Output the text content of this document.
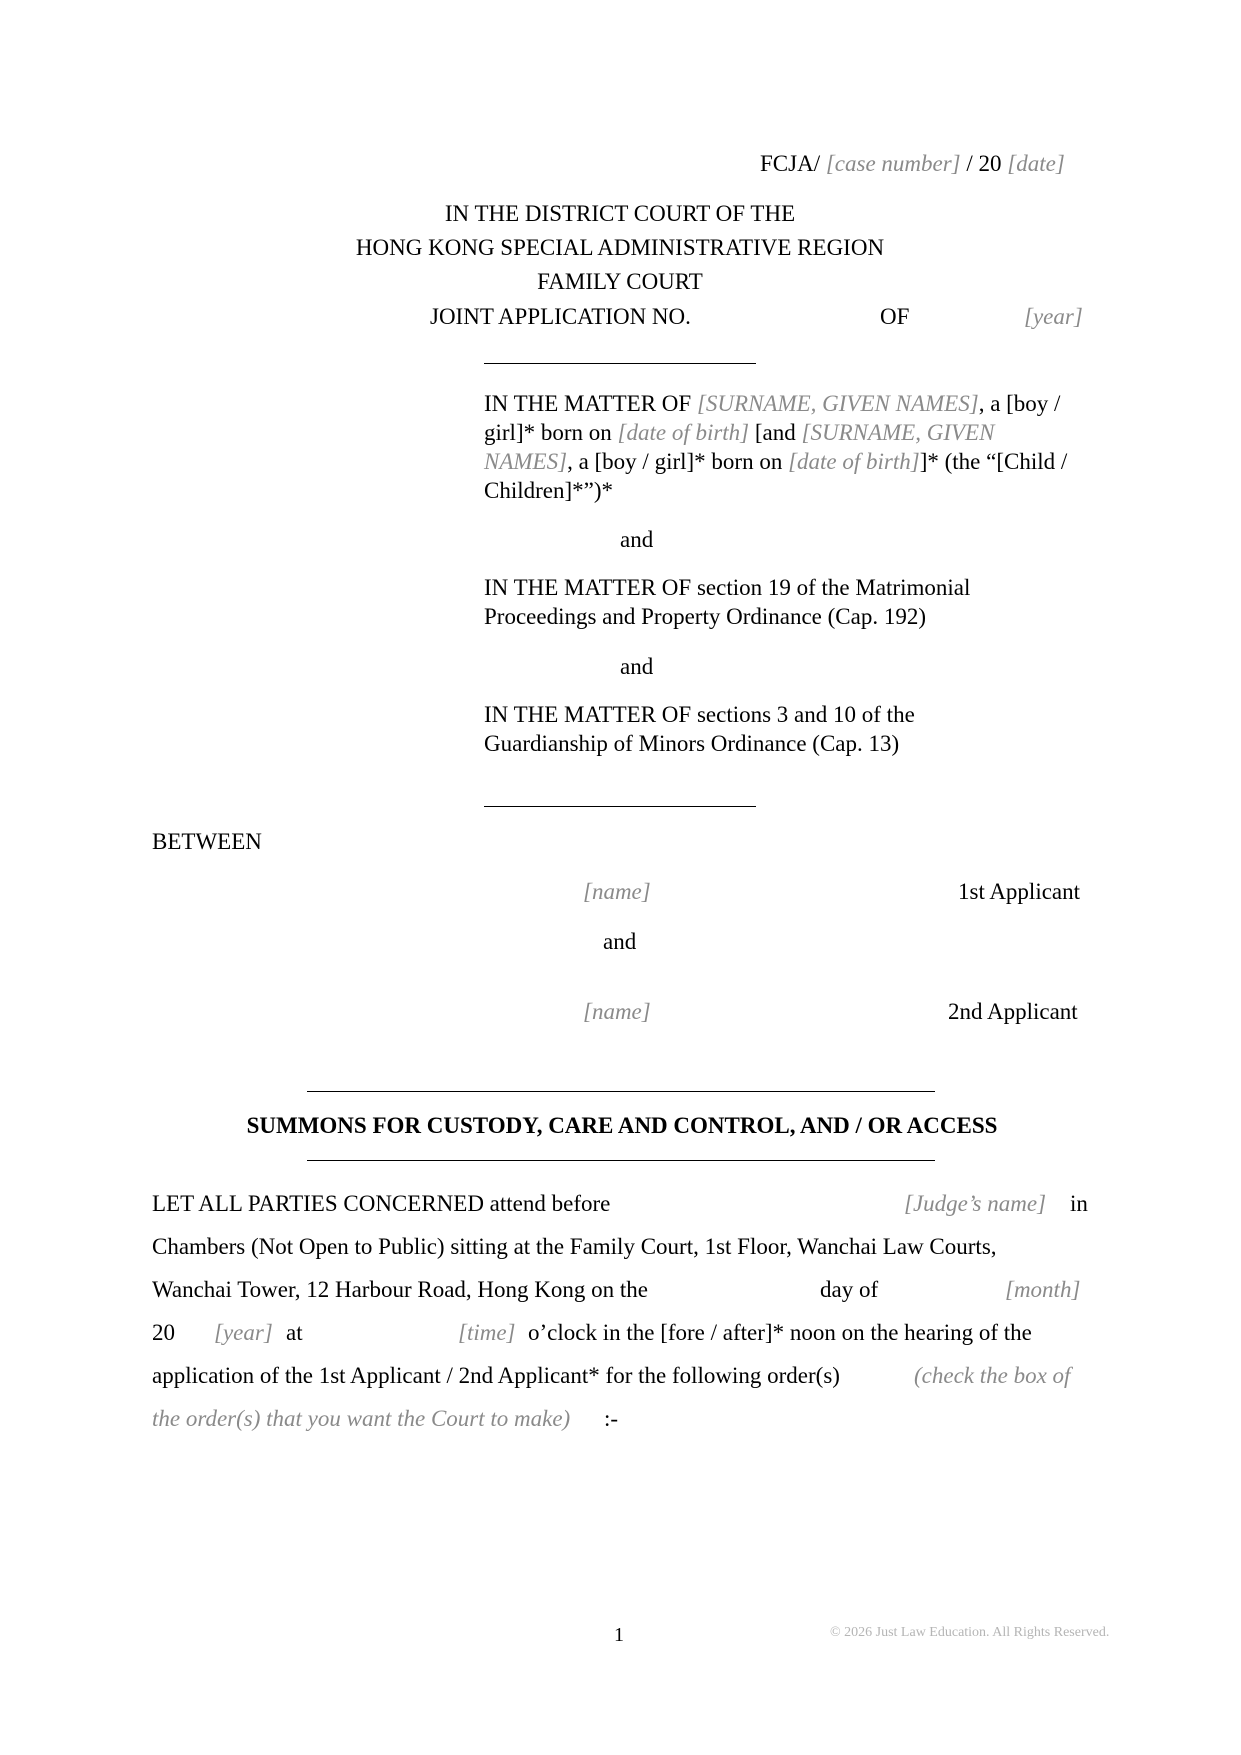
FCJA/ [case number] / 20 [date]
IN THE DISTRICT COURT OF THE
HONG KONG SPECIAL ADMINISTRATIVE REGION
FAMILY COURT
JOINT APPLICATION NO.	OF	[year]
IN THE MATTER OF [SURNAME, GIVEN NAMES], a [boy / girl]* born on [date of birth] [and [SURNAME, GIVEN NAMES], a [boy / girl]* born on [date of birth]]* (the “[Child / Children]*”)*
and
IN THE MATTER OF section 19 of the Matrimonial Proceedings and Property Ordinance (Cap. 192)
and
IN THE MATTER OF sections 3 and 10 of the Guardianship of Minors Ordinance (Cap. 13)
BETWEEN
[name]	1st Applicant
and
[name]	2nd Applicant
SUMMONS FOR CUSTODY, CARE AND CONTROL, AND / OR ACCESS
LET ALL PARTIES CONCERNED attend before	[Judge’s name] in
Chambers (Not Open to Public) sitting at the Family Court, 1st Floor, Wanchai Law Courts,
Wanchai Tower, 12 Harbour Road, Hong Kong on the	day of	[month]
20 [year] at	[time] o’clock in the [fore / after]* noon on the hearing of the
application of the 1st Applicant / 2nd Applicant* for the following order(s)	(check the box of
the order(s) that you want the Court to make) :-
1	© 2026 Just Law Education. All Rights Reserved.
